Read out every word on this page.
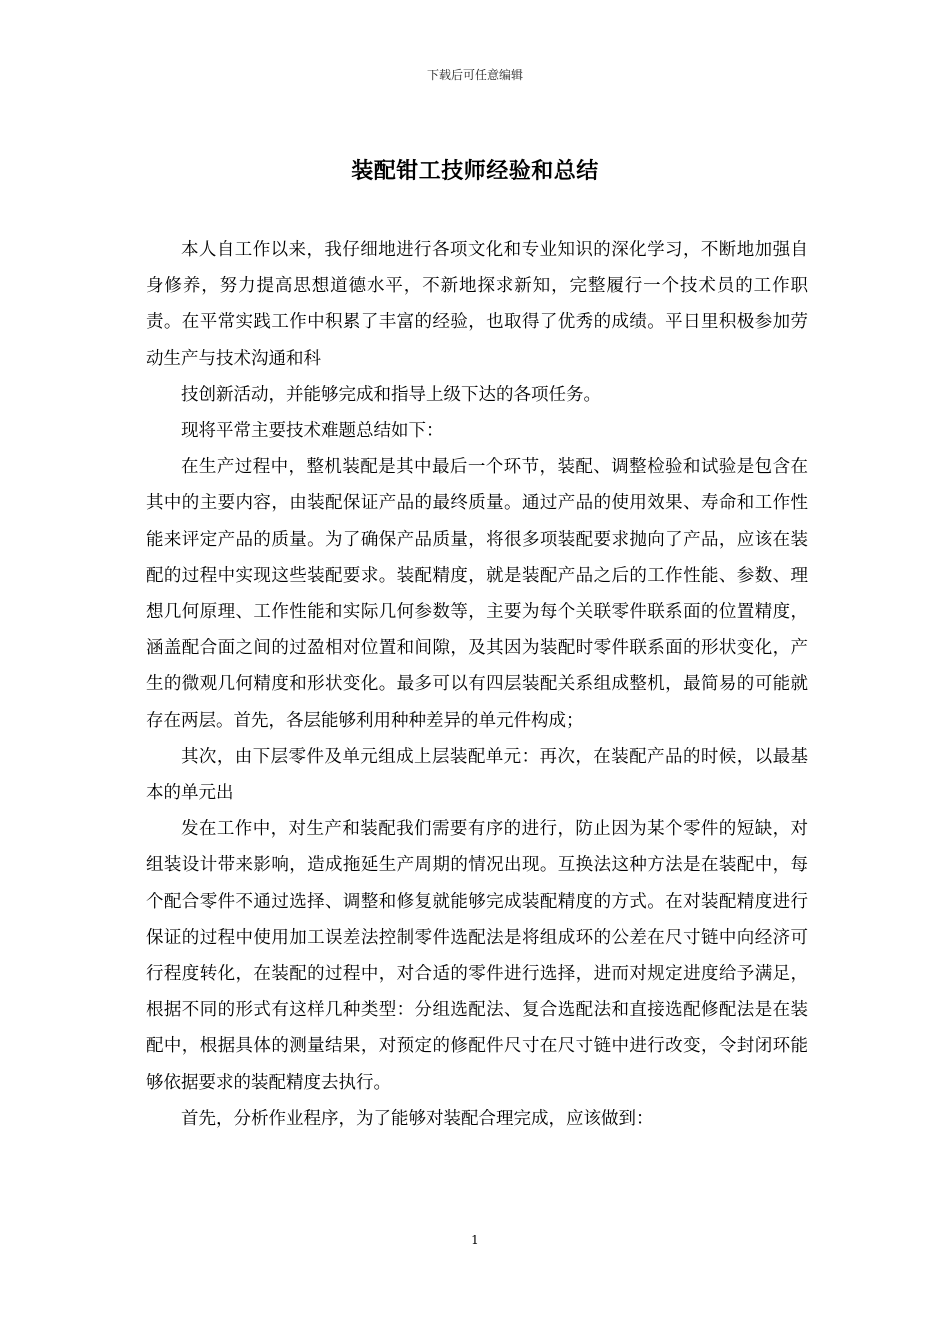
下载后可任意编辑
装配钳工技师经验和总结

本人自工作以来，我仔细地进行各项文化和专业知识的深化学习，不断地加强自身修养，努力提高思想道德水平，不新地探求新知，完整履行一个技术员的工作职责。在平常实践工作中积累了丰富的经验，也取得了优秀的成绩。平日里积极参加劳动生产与技术沟通和科

技创新活动，并能够完成和指导上级下达的各项任务。

现将平常主要技术难题总结如下：

在生产过程中，整机装配是其中最后一个环节，装配、调整检验和试验是包含在其中的主要内容，由装配保证产品的最终质量。通过产品的使用效果、寿命和工作性能来评定产品的质量。为了确保产品质量，将很多项装配要求抛向了产品，应该在装配的过程中实现这些装配要求。装配精度，就是装配产品之后的工作性能、参数、理想几何原理、工作性能和实际几何参数等，主要为每个关联零件联系面的位置精度，涵盖配合面之间的过盈相对位置和间隙，及其因为装配时零件联系面的形状变化，产生的微观几何精度和形状变化。最多可以有四层装配关系组成整机，最简易的可能就存在两层。首先，各层能够利用种种差异的单元件构成；

其次，由下层零件及单元组成上层装配单元：再次，在装配产品的时候，以最基本的单元出

发在工作中，对生产和装配我们需要有序的进行，防止因为某个零件的短缺，对组装设计带来影响，造成拖延生产周期的情况出现。互换法这种方法是在装配中，每个配合零件不通过选择、调整和修复就能够完成装配精度的方式。在对装配精度进行保证的过程中使用加工误差法控制零件选配法是将组成环的公差在尺寸链中向经济可行程度转化，在装配的过程中，对合适的零件进行选择，进而对规定进度给予满足，根据不同的形式有这样几种类型：分组选配法、复合选配法和直接选配修配法是在装配中，根据具体的测量结果，对预定的修配件尺寸在尺寸链中进行改变，令封闭环能够依据要求的装配精度去执行。

首先，分析作业程序，为了能够对装配合理完成，应该做到：

1
